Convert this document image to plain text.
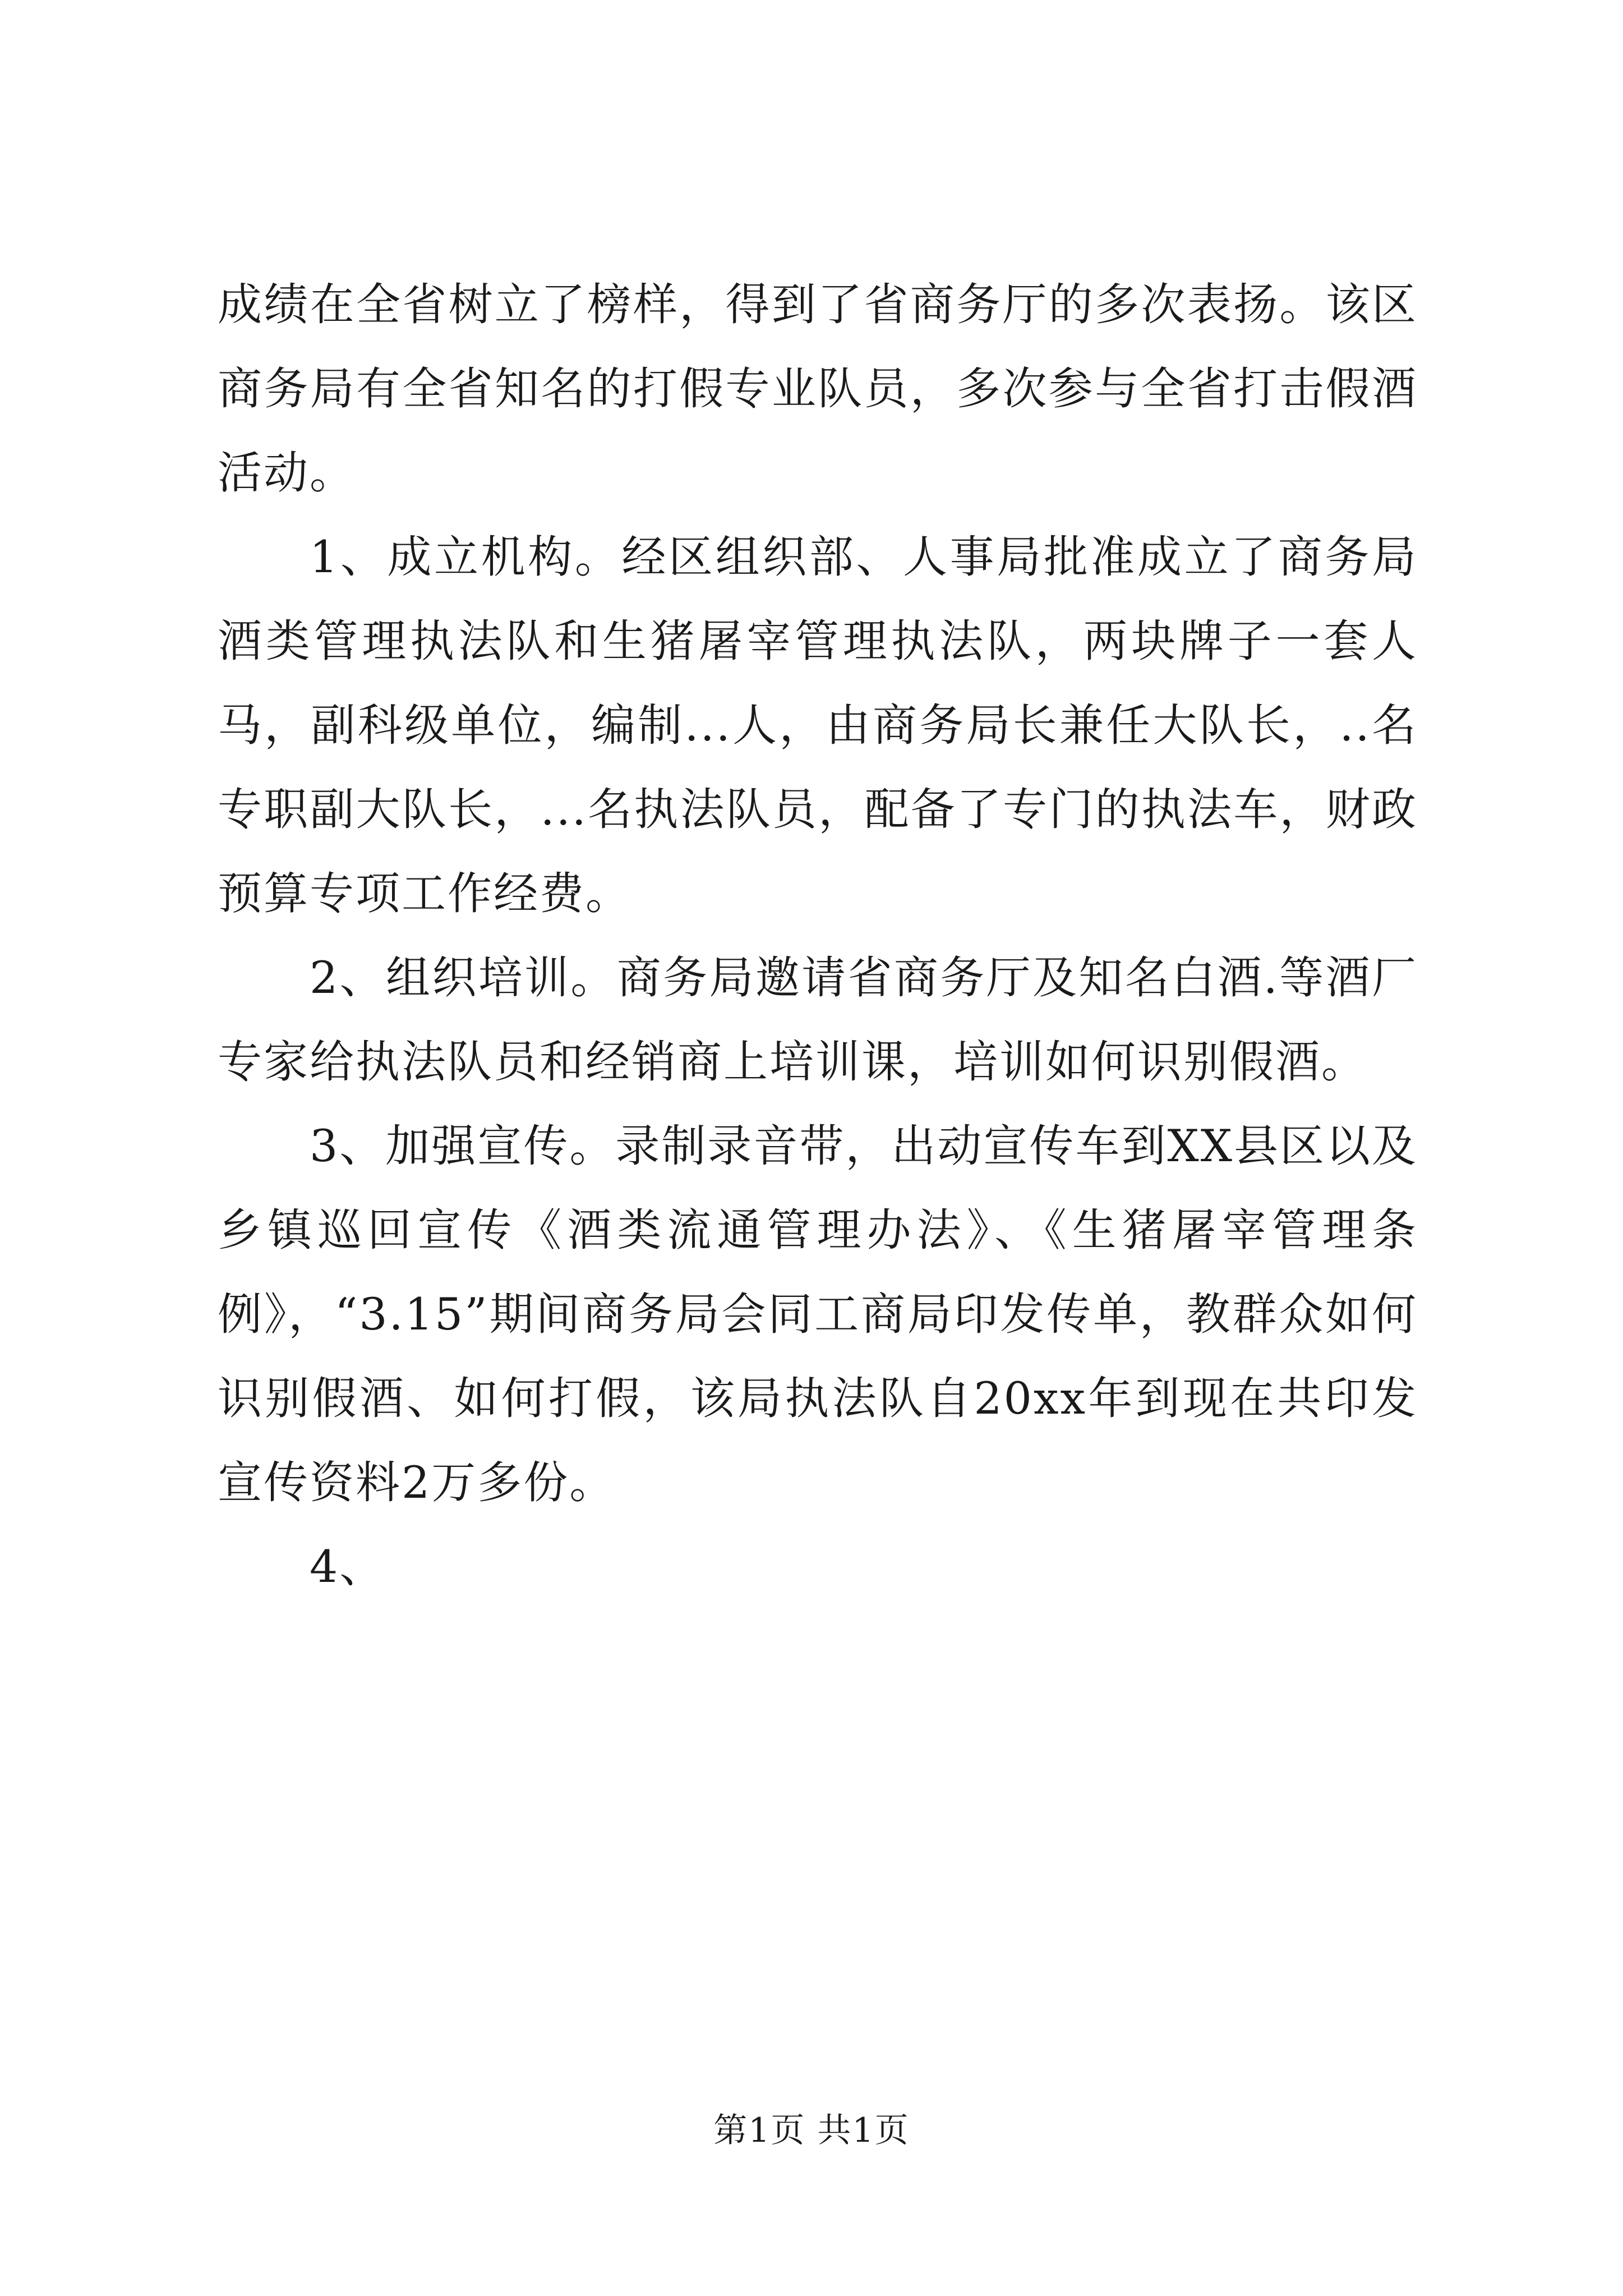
成绩在全省树立了榜样，得到了省商务厅的多次表扬。该区商务局有全省知名的打假专业队员，多次参与全省打击假酒活动。

1、成立机构。经区组织部、人事局批准成立了商务局酒类管理执法队和生猪屠宰管理执法队，两块牌子一套人马，副科级单位，编制...人，由商务局长兼任大队长，..名专职副大队长，...名执法队员，配备了专门的执法车，财政预算专项工作经费。

2、组织培训。商务局邀请省商务厅及知名白酒.等酒厂专家给执法队员和经销商上培训课，培训如何识别假酒。

3、加强宣传。录制录音带，出动宣传车到XX县区以及乡镇巡回宣传《酒类流通管理办法》、《生猪屠宰管理条例》，“3.15”期间商务局会同工商局印发传单，教群众如何识别假酒、如何打假，该局执法队自20xx年到现在共印发宣传资料2万多份。

4、

第1页 共1页
